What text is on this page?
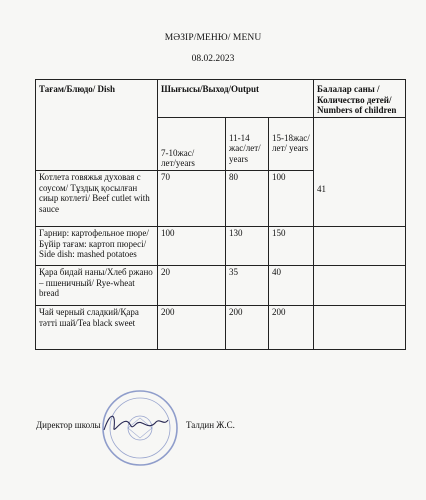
МӘЗІР/МЕНЮ/ MENU
08.02.2023
Тағам/Блюдо/ Dish	Шығысы/Выход/Output			Балалар саны /Количество детей/ Numbers of children
	7-10жас/лет/years	11-14 жас/лет/ years	15-18жас/лет/ years	41

Котлета говяжья духовая с соусом/ Тұздық қосылған сиыр котлеті/ Beef cutlet with sauce	70	80	100	
Гарнир: картофельное пюре/ Бүйір тағам: картоп пюресі/ Side dish: mashed potatoes	100	130	150	
Қара бидай наны/Хлеб ржано – пшеничный/ Rye-wheat bread	20	35	40	
Чай черный сладкий/Қара тәтті шай/Tea black sweet	200	200	200	
Директор школы	Талдин Ж.С.
